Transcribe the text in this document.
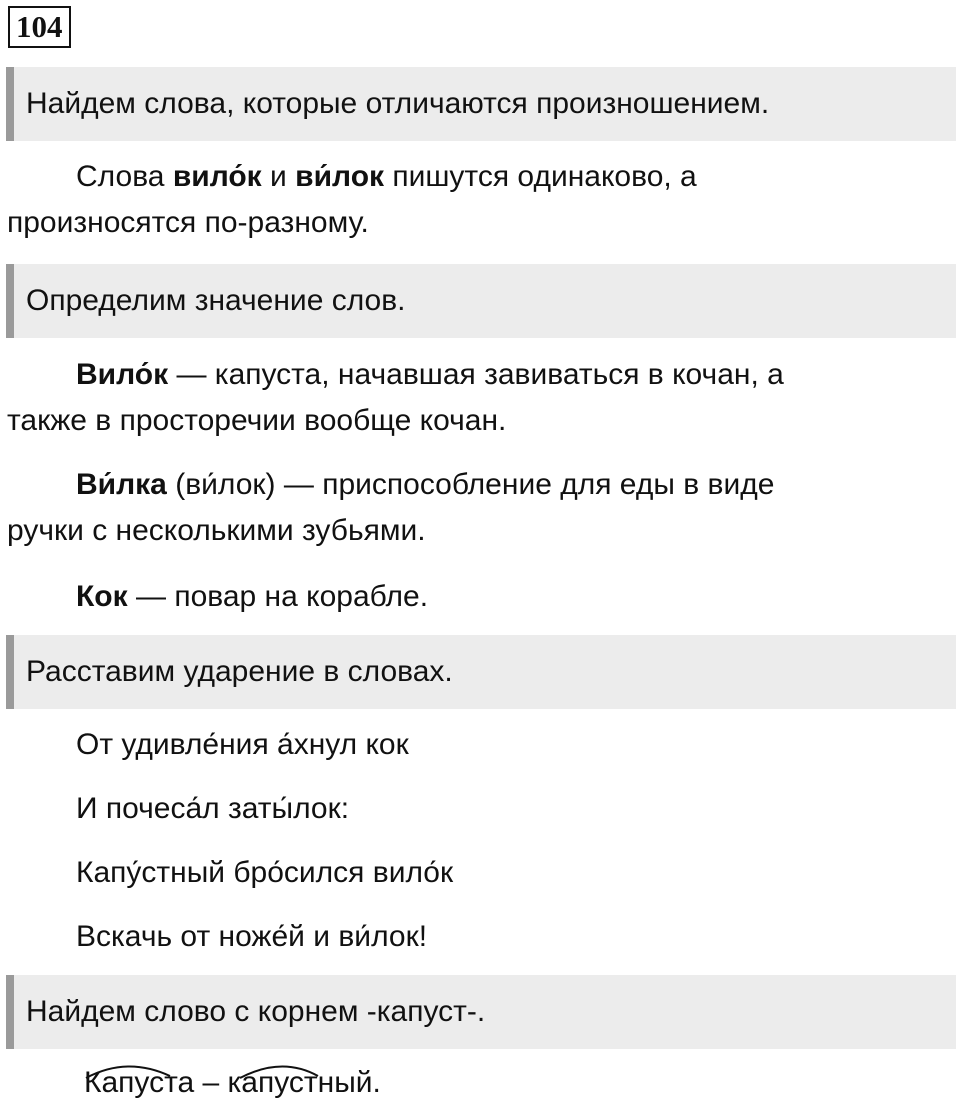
104
Найдем слова, которые отличаются произношением.
Слова вило́к и ви́лок пишутся одинаково, а
произносятся по-разному.
Определим значение слов.
Вило́к — капуста, начавшая завиваться в кочан, а
также в просторечии вообще кочан.
Ви́лка (ви́лок) — приспособление для еды в виде
ручки с несколькими зубьями.
Кок — повар на корабле.
Расставим ударение в словах.
От удивле́ния а́хнул кок
И почеса́л заты́лок:
Капу́стный бро́сился вило́к
Вскачь от ноже́й и ви́лок!
Найдем слово с корнем -капуст-.
Капуста – капустный.
